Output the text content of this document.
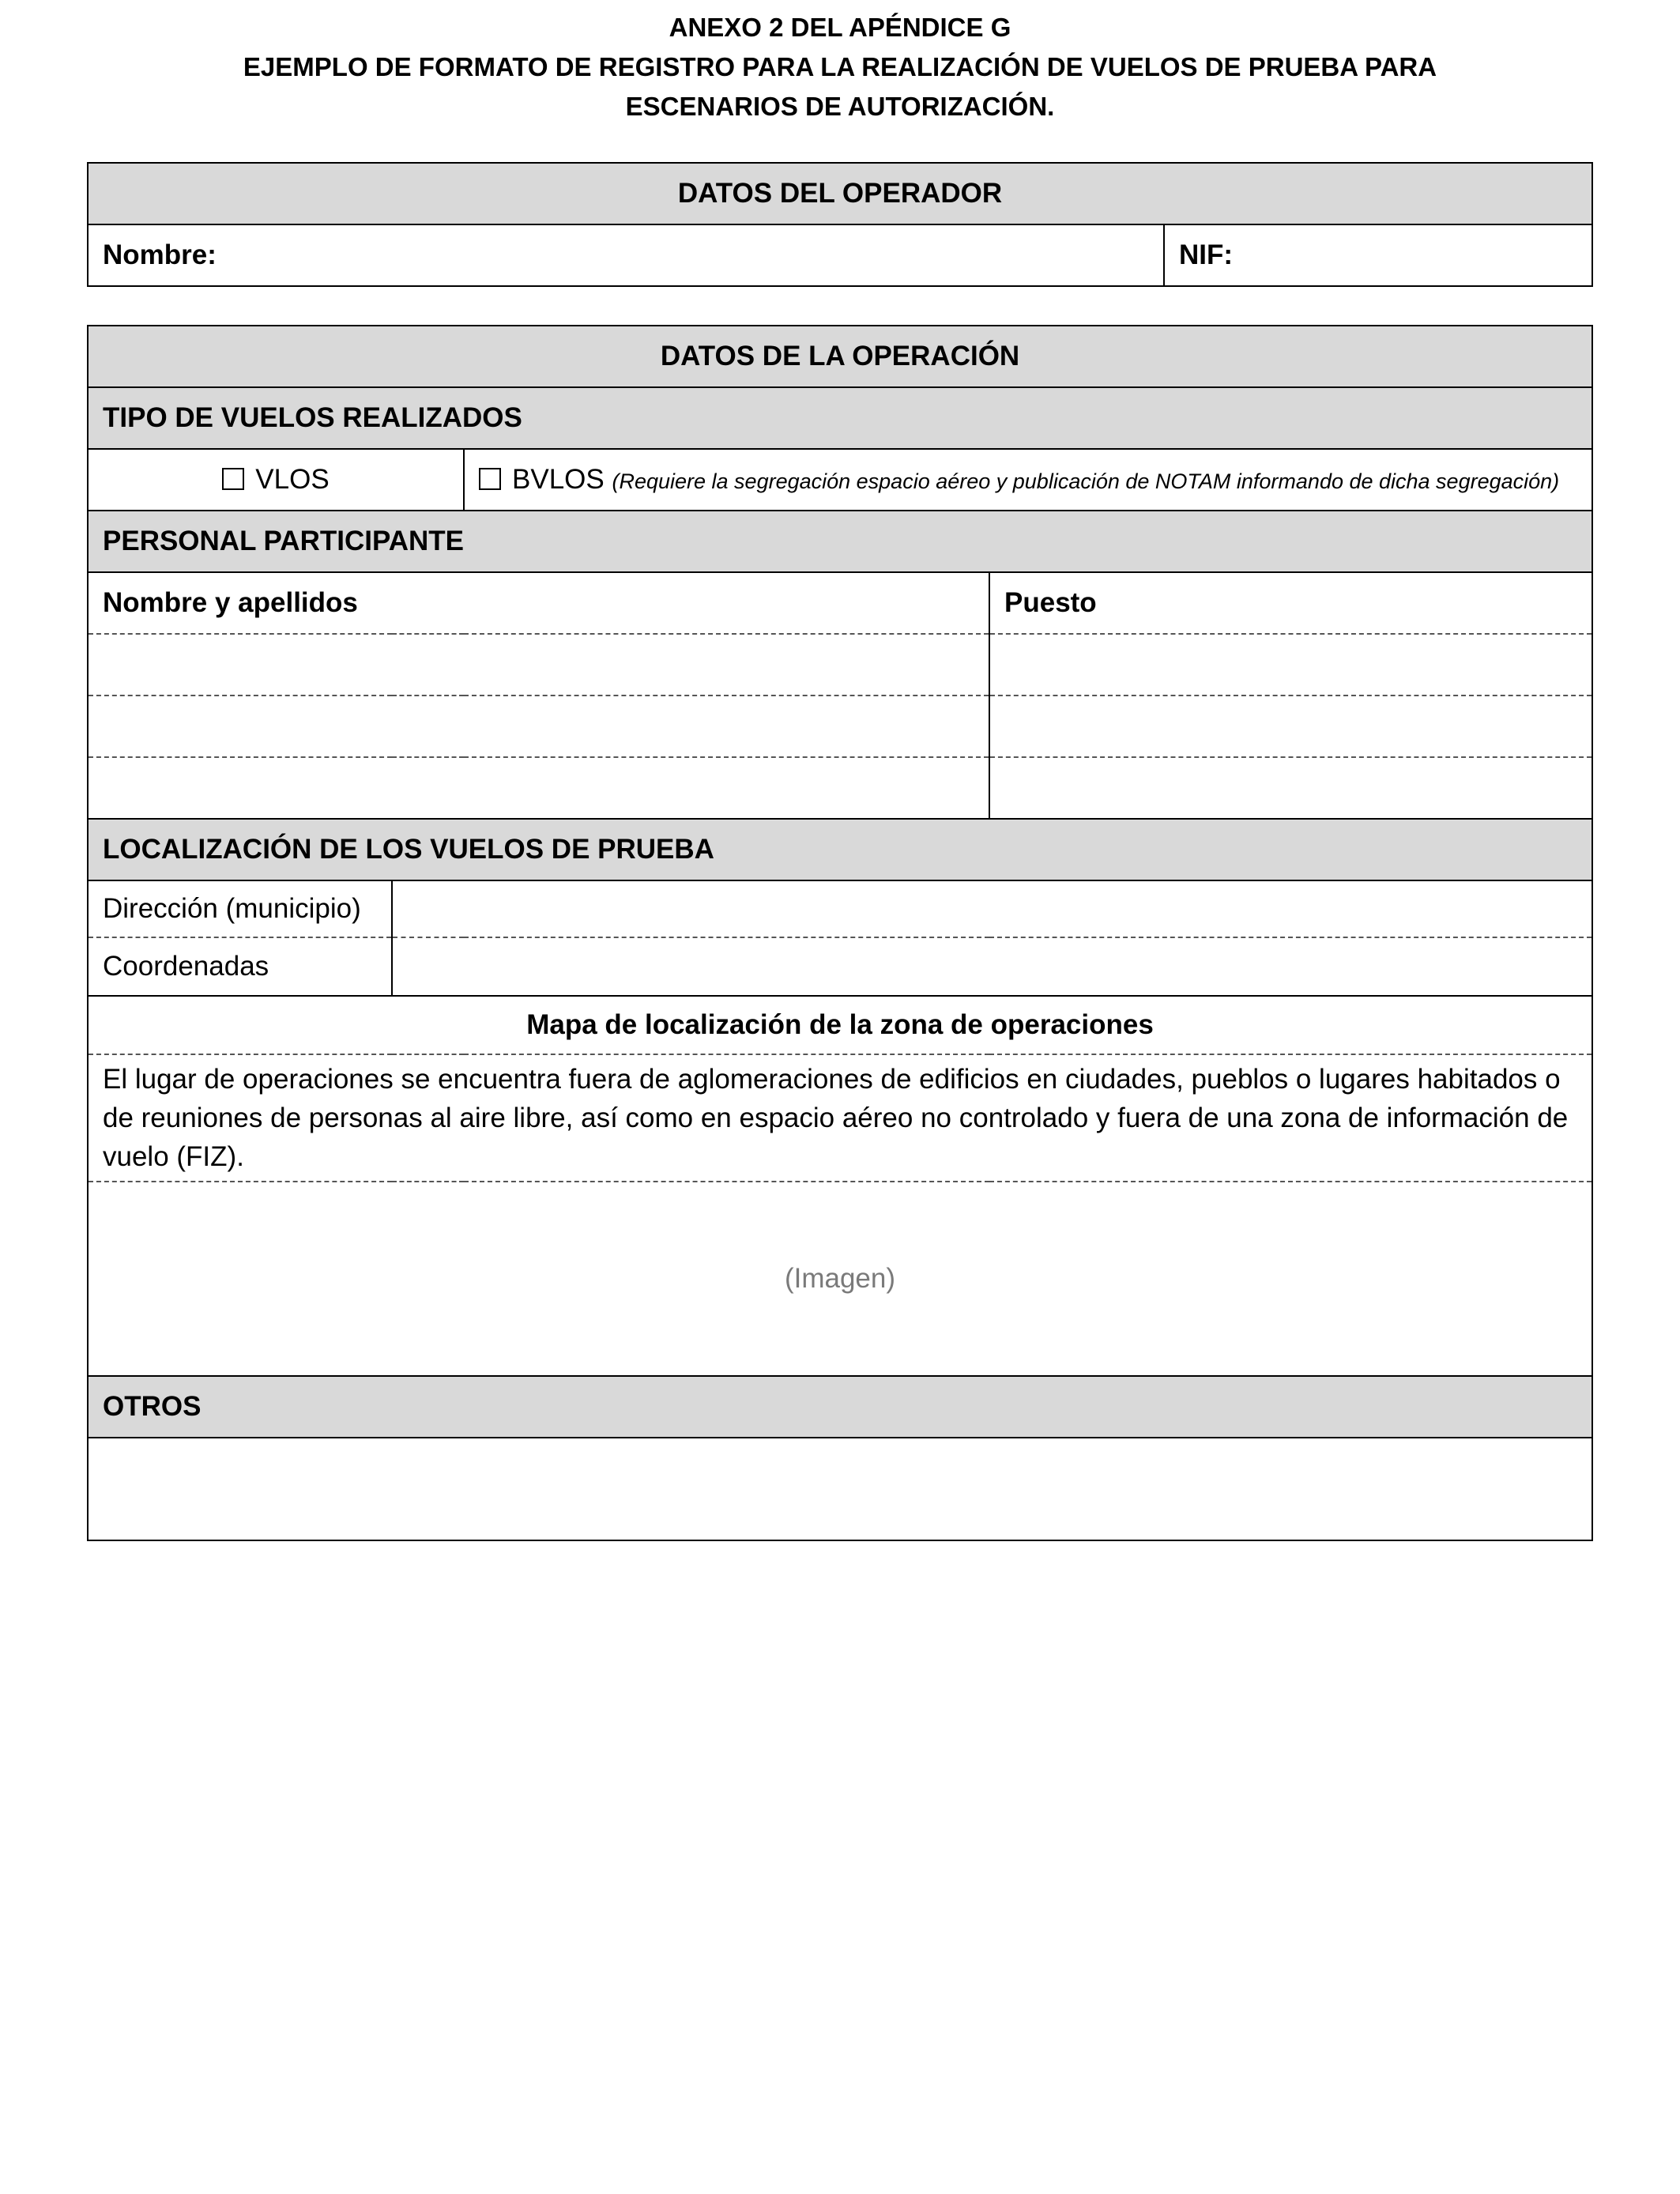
ANEXO 2 DEL APÉNDICE G
EJEMPLO DE FORMATO DE REGISTRO PARA LA REALIZACIÓN DE VUELOS DE PRUEBA PARA
ESCENARIOS DE AUTORIZACIÓN.
DATOS DEL OPERADOR
Nombre:	NIF:
DATOS DE LA OPERACIÓN			
TIPO DE VUELOS REALIZADOS			
VLOS		BVLOS (Requiere la segregación espacio aéreo y publicación de NOTAM informando de dicha segregación)	
PERSONAL PARTICIPANTE			
Nombre y apellidos			Puesto

LOCALIZACIÓN DE LOS VUELOS DE PRUEBA			
Dirección (municipio)			
Coordenadas			
Mapa de localización de la zona de operaciones			
El lugar de operaciones se encuentra fuera de aglomeraciones de edificios en ciudades, pueblos o lugares habitados o de reuniones de personas al aire libre, así como en espacio aéreo no controlado y fuera de una zona de información de vuelo (FIZ).			
(Imagen)			
OTROS			
